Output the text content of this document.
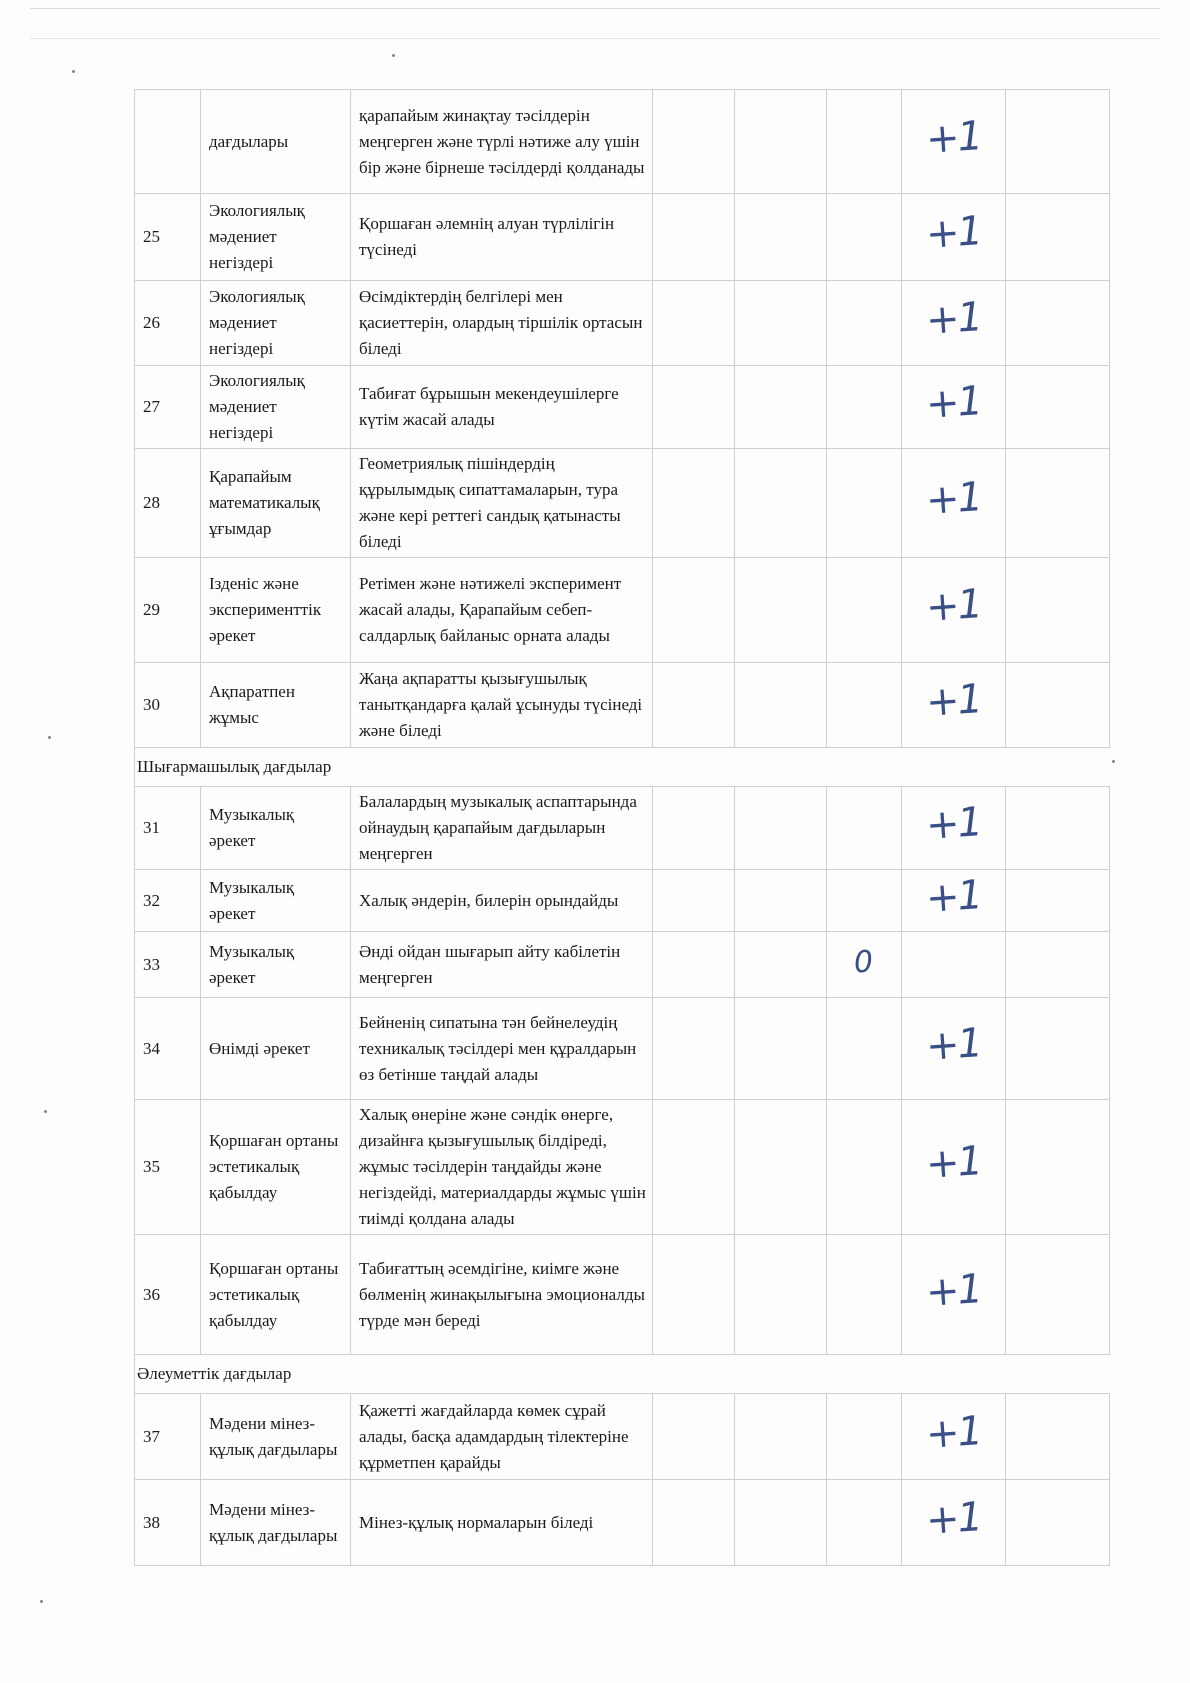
	дағдылары	қарапайым жинақтау тәсілдерін меңгерген және түрлі нәтиже алу үшін бір және бірнеше тәсілдерді қолданады				+1	
25	Экологиялық мәдениет негіздері	Қоршаған әлемнің алуан түрлілігін түсінеді				+1	
26	Экологиялық мәдениет негіздері	Өсімдіктердің белгілері мен қасиеттерін, олардың тіршілік ортасын біледі				+1	
27	Экологиялық мәдениет негіздері	Табиғат бұрышын мекендеушілерге күтім жасай алады				+1	
28	Қарапайым математикалық ұғымдар	Геометриялық пішіндердің құрылымдық сипаттамаларын, тура және кері реттегі сандық қатынасты біледі				+1	
29	Ізденіс және эксперименттік әрекет	Ретімен және нәтижелі эксперимент жасай алады, Қарапайым себеп-салдарлық байланыс орната алады				+1	
30	Ақпаратпен жұмыс	Жаңа ақпаратты қызығушылық танытқандарға қалай ұсынуды түсінеді және біледі				+1	
Шығармашылық дағдылар							
31	Музыкалық әрекет	Балалардың музыкалық аспаптарында ойнаудың қарапайым дағдыларын меңгерген				+1	
32	Музыкалық әрекет	Халық әндерін, билерін орындайды				+1	
33	Музыкалық әрекет	Әнді ойдан шығарып айту кабілетін меңгерген			0		
34	Өнімді әрекет	Бейненің сипатына тән бейнелеудің техникалық тәсілдері мен құралдарын өз бетінше таңдай алады				+1	
35	Қоршаған ортаны эстетикалық қабылдау	Халық өнеріне және сәндік өнерге, дизайнға қызығушылық білдіреді, жұмыс тәсілдерін таңдайды және негіздейді, материалдарды жұмыс үшін тиімді қолдана алады				+1	
36	Қоршаған ортаны эстетикалық қабылдау	Табиғаттың әсемдігіне, киімге және бөлменің жинақылығына эмоционалды түрде мән береді				+1	
Әлеуметтік дағдылар							
37	Мәдени мінез-құлық дағдылары	Қажетті жағдайларда көмек сұрай алады, басқа адамдардың тілектеріне құрметпен қарайды				+1	
38	Мәдени мінез-құлық дағдылары	Мінез-құлық нормаларын біледі				+1	
